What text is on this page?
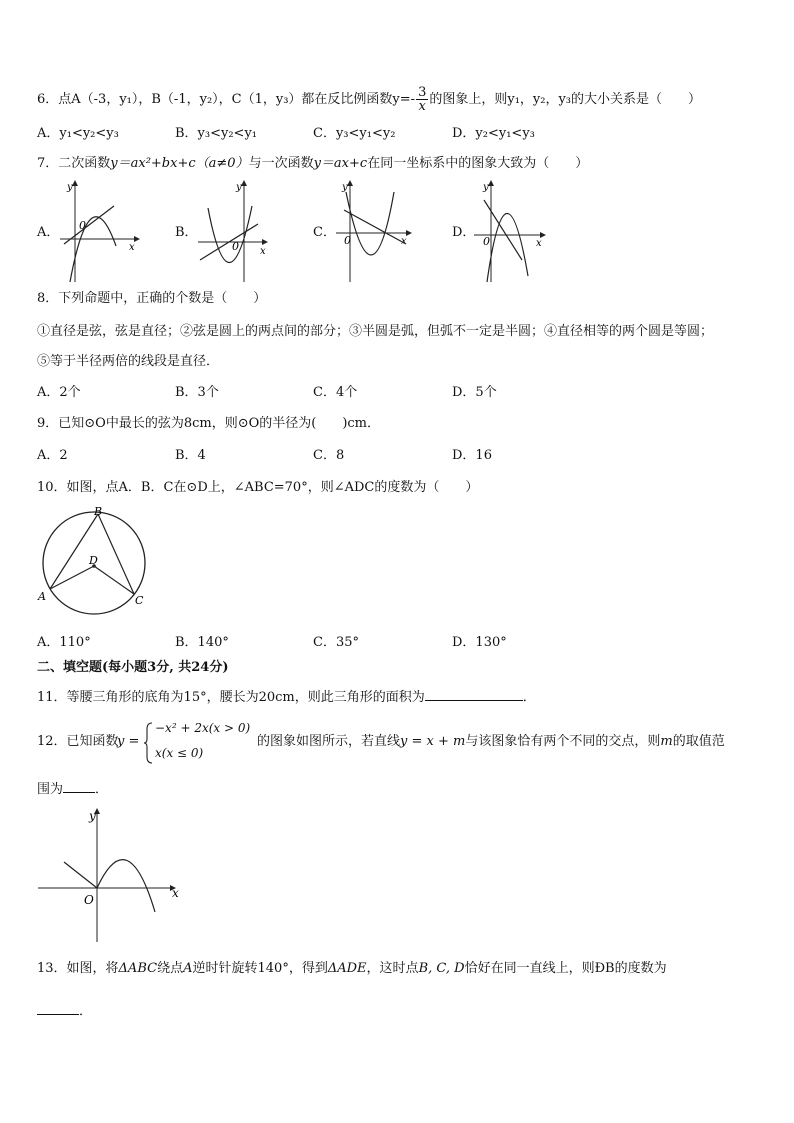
6．点A（-3，y₁），B（-1，y₂），C（1，y₃）都在反比例函数$y=- \frac{3}{x}$ 的图象上，则y₁，y₂，y₃的大小关系是（　　）
A．y₁<y₂<y₃	B．y₃<y₂<y₁	C．y₃<y₁<y₂	D．y₂<y₁<y₃
7．二次函数y＝ax²+bx+c（a≠0）与一次函数y＝ax+c在同一坐标系中的图象大致为（　　）
A．
y
x
0	B．
y
x
0
C．
y
x
0
D．
y
x
0
8．下列命题中，正确的个数是（　　）
①直径是弦，弦是直径；②弦是圆上的两点间的部分；③半圆是弧，但弧不一定是半圆；④直径相等的两个圆是等圆；
⑤等于半径两倍的线段是直径．
A．2个	B．3个	C．4个	D．5个
9．已知⊙O中最长的弦为8cm，则⊙O的半径为(　　)cm．
A．2	B．4	C．8	D．16
10．如图，点A．B．C在⊙D上，∠ABC=70°，则∠ADC的度数为（　　）
B
D
A	C
A．110°	B．140°	C．35°	D．130°
二、填空题(每小题3分, 共24分)
11．等腰三角形的底角为15°，腰长为20cm，则此三角形的面积为	．
12．已知函数
y =
−x² + 2x(x > 0)
x(x ≤ 0)
的图象如图所示，若直线y = x + m与该图象恰有两个不同的交点，则m的取值范
围为 ．
y
x
O
13．如图，将ΔABC绕点A逆时针旋转140°，得到ΔADE，这时点B, C, D恰好在同一直线上，则ÐB的度数为
．
